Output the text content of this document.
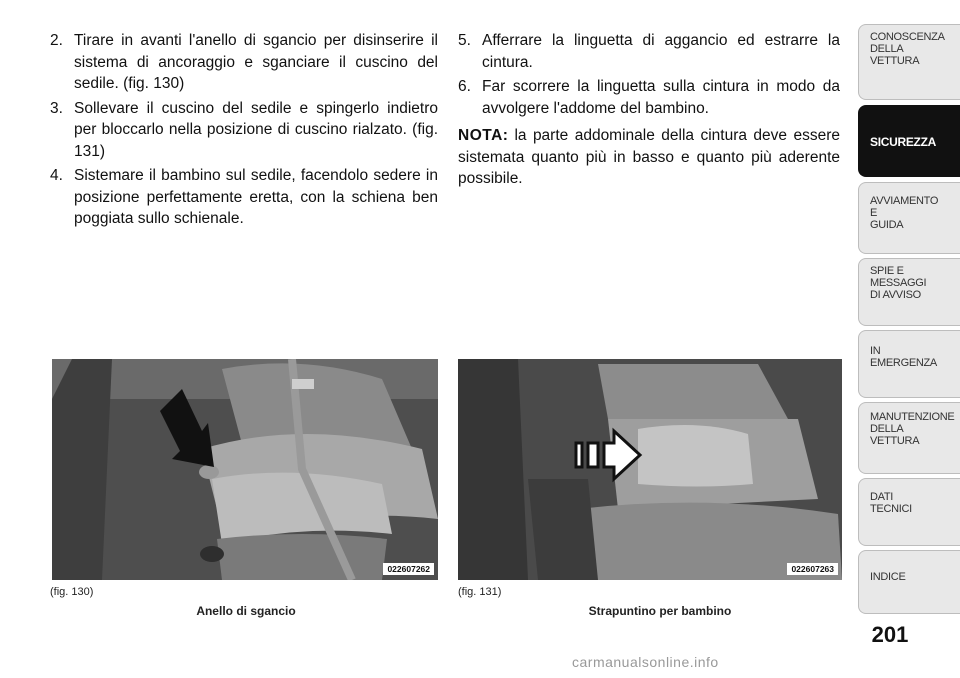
2. Tirare in avanti l'anello di sgancio per disinserire il sistema di ancoraggio e sganciare il cuscino del sedile. (fig. 130)
3. Sollevare il cuscino del sedile e spingerlo indietro per bloccarlo nella posizione di cuscino rialzato. (fig. 131)
4. Sistemare il bambino sul sedile, facendolo sedere in posizione perfettamente eretta, con la schiena ben poggiata sullo schienale.
5. Afferrare la linguetta di aggancio ed estrarre la cintura.
6. Far scorrere la linguetta sulla cintura in modo da avvolgere l'addome del bambino.
NOTA: la parte addominale della cintura deve essere sistemata quanto più in basso e quanto più aderente possibile.
022607262
(fig. 130)
Anello di sgancio
022607263
(fig. 131)
Strapuntino per bambino
CONOSCENZA
DELLA
VETTURA
SICUREZZA
AVVIAMENTO
E
GUIDA
SPIE E
MESSAGGI
DI AVVISO
IN
EMERGENZA
MANUTENZIONE
DELLA
VETTURA
DATI
TECNICI
INDICE
201
carmanualsonline.info
